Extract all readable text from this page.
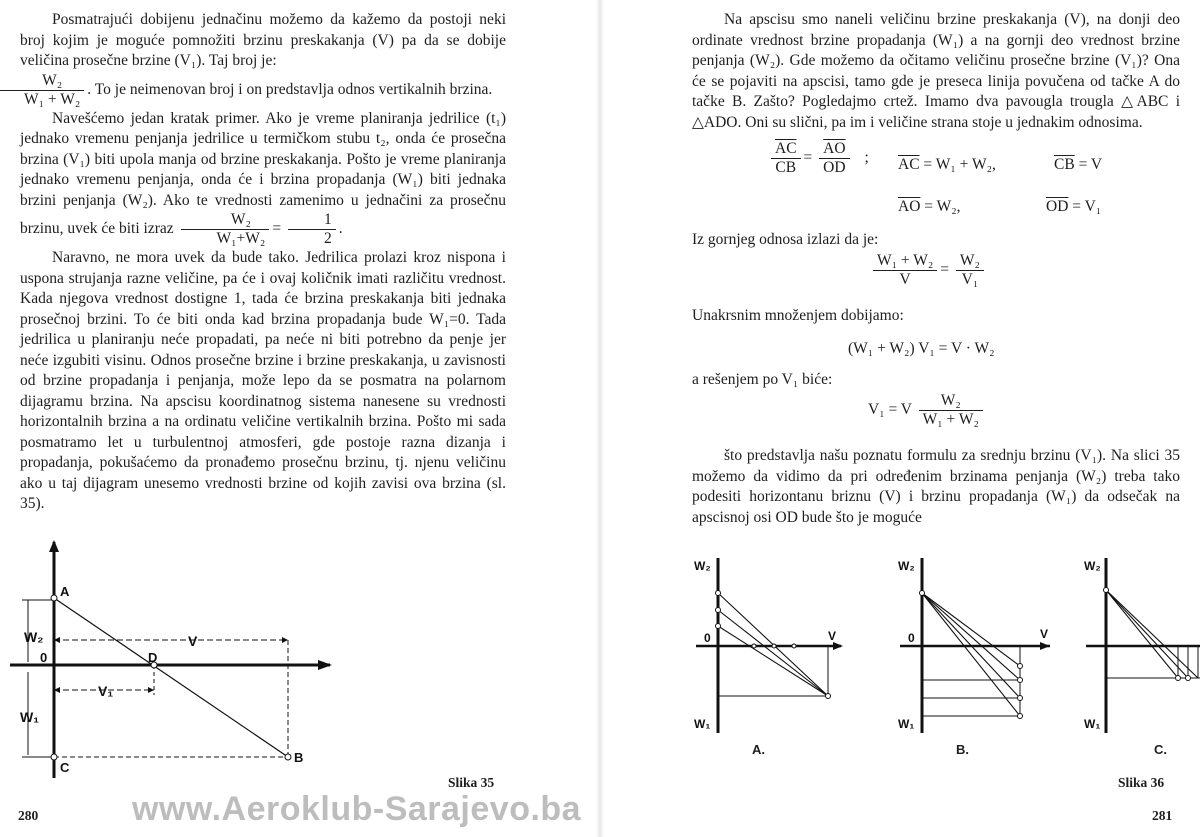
Posmatrajući dobijenu jednačinu možemo da kažemo da postoji neki broj kojim je moguće pomnožiti brzinu preskakanja (V) pa da se dobije veličina prosečne brzine (V₁). Taj broj je:

$\frac{\text{W₂}}{\text{W₁ + W₂}}$ . To je neimenovan broj i on predstavlja odnos vertikalnih brzina.

Navešćemo jedan kratak primer. Ako je vreme planiranja jedrilice (t₁) jednako vremenu penjanja jedrilice u termičkom stubu t₂, onda će prosečna brzina (V₁) biti upola manja od brzine preskakanja. Pošto je vreme planiranja jednako vremenu penjanja, onda će i brzina propadanja (W₁) biti jednaka brzini penjanja (W₂). Ako te vrednosti zamenimo u jednačini za prosečnu brzinu, uvek će biti izraz $\frac{\text{W₂}}{\text{W₁+W₂}} = \frac{1}{2}$ .

Naravno, ne mora uvek da bude tako. Jedrilica prolazi kroz nispona i uspona strujanja razne veličine, pa će i ovaj količnik imati različitu vrednost. Kada njegova vrednost dostigne 1, tada će brzina preskakanja biti jednaka prosečnoj brzini. To će biti onda kad brzina propadanja bude W₁=0. Tada jedrilica u planiranju neće propadati, pa neće ni biti potrebno da penje jer neće izgubiti visinu. Odnos prosečne brzine i brzine preskakanja, u zavisnosti od brzine propadanja i penjanja, može lepo da se posmatra na polarnom dijagramu brzina. Na apscisu koordinatnog sistema nanesene su vrednosti horizontalnih brzina a na ordinatu veličine vertikalnih brzina. Pošto mi sada posmatramo let u turbulentnoj atmosferi, gde postoje razna dizanja i propadanja, pokušaćemo da pronađemo prosečnu brzinu, tj. njenu veličinu ako u taj dijagram unesemo vrednosti brzine od kojih zavisi ova brzina (sl. 35).

A
B
C
D
0
W₂
W₁
V
V₁
Slika 35
280	www.Aeroklub-Sarajevo.ba

Na apscisu smo naneli veličinu brzine preskakanja (V), na donji deo ordinate vrednost brzine propadanja (W₁) a na gornji deo vrednost brzine penjanja (W₂). Gde možemo da očitamo veličinu prosečne brzine (V₁)? Ona će se pojaviti na apscisi, tamo gde je preseca linija povučena od tačke A do tačke B. Zašto? Pogledajmo crtež. Imamo dva pavougla trougla △ABC i △ADO. Oni su slični, pa im i veličine strana stoje u jednakim odnosima.

$\frac{\overline{AC}}{CB} = \frac{\overline{AO}}{OD}$ ; $\overline{AC} = W_1 + W_2$,	$\overline{CB} = V$
$\overline{AO} = W_2$,	$\overline{OD} = V_1$

Iz gornjeg odnosa izlazi da je:

$\frac{\text{W₁ + W₂}}{V} = \frac{\text{W₂}}{\text{V₁}}$

Unakrsnim množenjem dobijamo:

(W₁ + W₂) V₁ = V · W₂

a rešenjem po V₁ biće:

V₁ = V $\frac{\text{W₂}}{\text{W₁ + W₂}}$

što predstavlja našu poznatu formulu za srednju brzinu (V₁). Na slici 35 možemo da vidimo da pri određenim brzinama penjanja (W₂) treba tako podesiti horizontanu briznu (V) i brzinu propadanja (W₁) da odsečak na apscisnoj osi OD bude što je moguće

W₂
W₁
0	V
A.
W₂
W₁
0	V
B.
W₂
W₁
C.
Slika 36
281
